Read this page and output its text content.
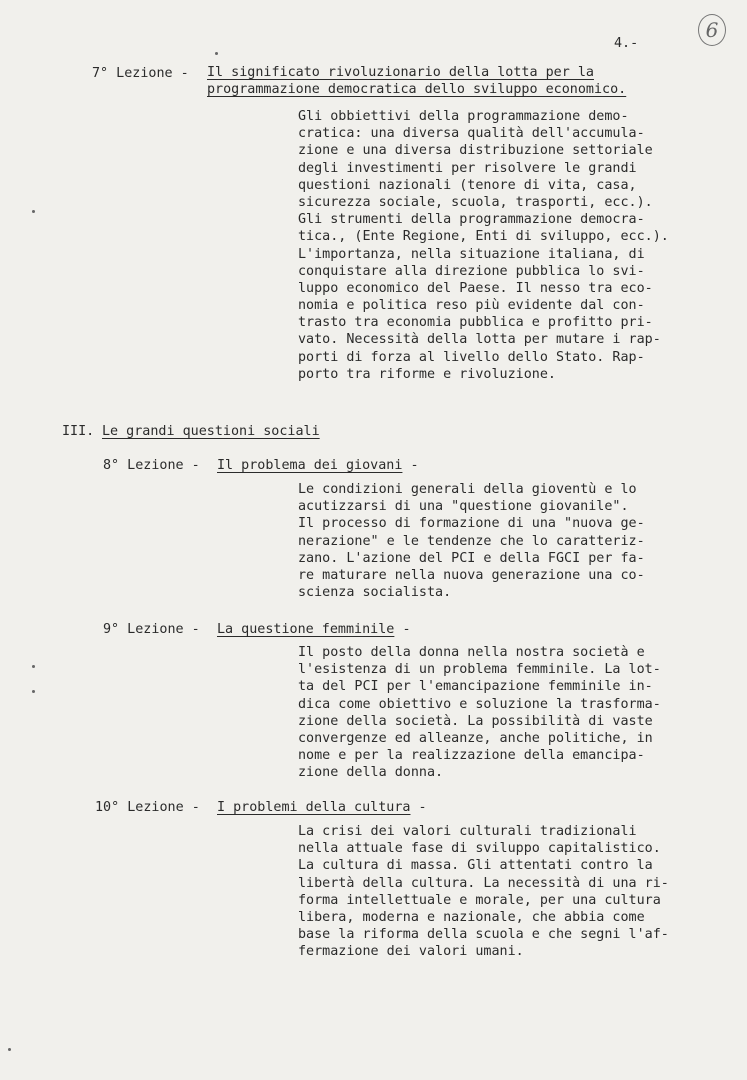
6
4.-
7° Lezione - Il significato rivoluzionario della lotta per la
programmazione democratica dello sviluppo economico.
Gli obbiettivi della programmazione demo-
cratica: una diversa qualità dell'accumula-
zione e una diversa distribuzione settoriale
degli investimenti per risolvere le grandi
questioni nazionali (tenore di vita, casa,
sicurezza sociale, scuola, trasporti, ecc.).
Gli strumenti della programmazione democra-
tica., (Ente Regione, Enti di sviluppo, ecc.).
L'importanza, nella situazione italiana, di
conquistare alla direzione pubblica lo svi-
luppo economico del Paese. Il nesso tra eco-
nomia e politica reso più evidente dal con-
trasto tra economia pubblica e profitto pri-
vato. Necessità della lotta per mutare i rap-
porti di forza al livello dello Stato. Rap-
porto tra riforme e rivoluzione.
III. Le grandi questioni sociali
8° Lezione - Il problema dei giovani -
Le condizioni generali della gioventù e lo
acutizzarsi di una "questione giovanile".
Il processo di formazione di una "nuova ge-
nerazione" e le tendenze che lo caratteriz-
zano. L'azione del PCI e della FGCI per fa-
re maturare nella nuova generazione una co-
scienza socialista.
9° Lezione - La questione femminile -
Il posto della donna nella nostra società e
l'esistenza di un problema femminile. La lot-
ta del PCI per l'emancipazione femminile in-
dica come obiettivo e soluzione la trasforma-
zione della società. La possibilità di vaste
convergenze ed alleanze, anche politiche, in
nome e per la realizzazione della emancipa-
zione della donna.
10° Lezione - I problemi della cultura -
La crisi dei valori culturali tradizionali
nella attuale fase di sviluppo capitalistico.
La cultura di massa. Gli attentati contro la
libertà della cultura. La necessità di una ri-
forma intellettuale e morale, per una cultura
libera, moderna e nazionale, che abbia come
base la riforma della scuola e che segni l'af-
fermazione dei valori umani.
